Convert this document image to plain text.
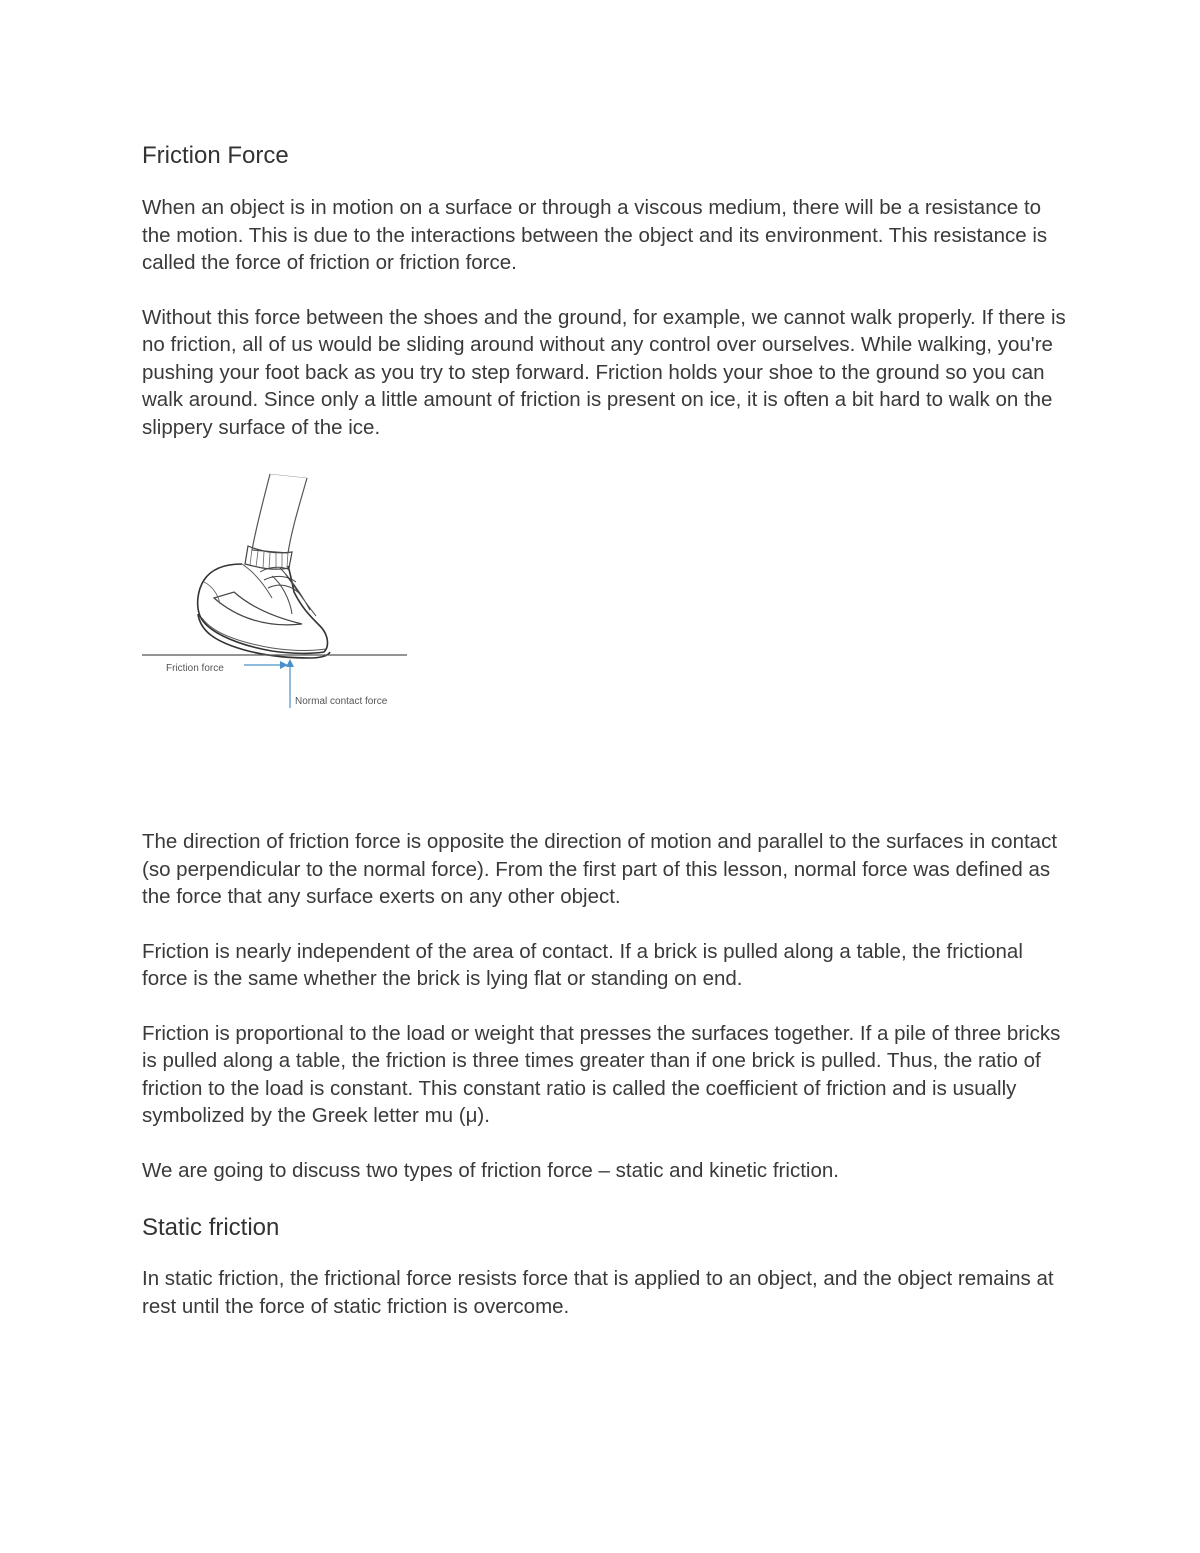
Friction Force

When an object is in motion on a surface or through a viscous medium, there will be a resistance to the motion. This is due to the interactions between the object and its environment. This resistance is called the force of friction or friction force.

Without this force between the shoes and the ground, for example, we cannot walk properly. If there is no friction, all of us would be sliding around without any control over ourselves. While walking, you're pushing your foot back as you try to step forward. Friction holds your shoe to the ground so you can walk around. Since only a little amount of friction is present on ice, it is often a bit hard to walk on the slippery surface of the ice.

Friction force
Normal contact force

The direction of friction force is opposite the direction of motion and parallel to the surfaces in contact (so perpendicular to the normal force). From the first part of this lesson, normal force was defined as the force that any surface exerts on any other object.

Friction is nearly independent of the area of contact. If a brick is pulled along a table, the frictional force is the same whether the brick is lying flat or standing on end.

Friction is proportional to the load or weight that presses the surfaces together. If a pile of three bricks is pulled along a table, the friction is three times greater than if one brick is pulled. Thus, the ratio of friction to the load is constant. This constant ratio is called the coefficient of friction and is usually symbolized by the Greek letter mu (μ).

We are going to discuss two types of friction force – static and kinetic friction.

Static friction

In static friction, the frictional force resists force that is applied to an object, and the object remains at rest until the force of static friction is overcome.
